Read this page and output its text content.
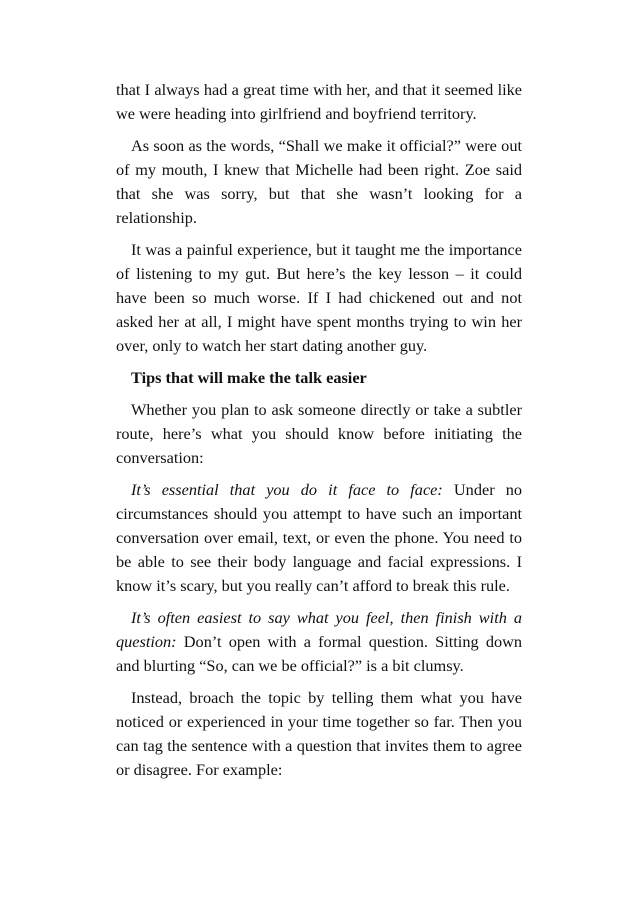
that I always had a great time with her, and that it seemed like we were heading into girlfriend and boyfriend territory.

As soon as the words, “Shall we make it official?” were out of my mouth, I knew that Michelle had been right. Zoe said that she was sorry, but that she wasn’t looking for a relationship.

It was a painful experience, but it taught me the importance of listening to my gut. But here’s the key lesson – it could have been so much worse. If I had chickened out and not asked her at all, I might have spent months trying to win her over, only to watch her start dating another guy.

Tips that will make the talk easier

Whether you plan to ask someone directly or take a subtler route, here’s what you should know before initiating the conversation:

It’s essential that you do it face to face: Under no circumstances should you attempt to have such an important conversation over email, text, or even the phone. You need to be able to see their body language and facial expressions. I know it’s scary, but you really can’t afford to break this rule.

It’s often easiest to say what you feel, then finish with a question: Don’t open with a formal question. Sitting down and blurting “So, can we be official?” is a bit clumsy.

Instead, broach the topic by telling them what you have noticed or experienced in your time together so far. Then you can tag the sentence with a question that invites them to agree or disagree. For example:
